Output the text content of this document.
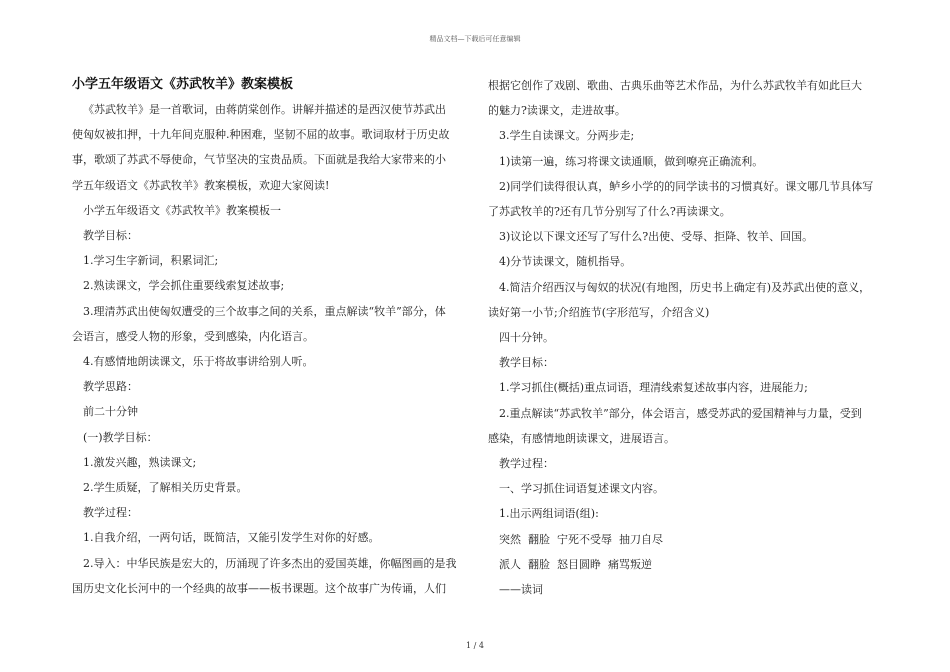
精品文档—下载后可任意编辑
小学五年级语文《苏武牧羊》教案模板

《苏武牧羊》是一首歌词，由蒋荫棠创作。讲解并描述的是西汉使节苏武出

使匈奴被扣押，十九年间克服种.种困难，坚韧不屈的故事。歌词取材于历史故

事，歌颂了苏武不辱使命，气节坚决的宝贵品质。下面就是我给大家带来的小

学五年级语文《苏武牧羊》教案模板，欢迎大家阅读!

小学五年级语文《苏武牧羊》教案模板一

教学目标：

1.学习生字新词，积累词汇;

2.熟读课文，学会抓住重要线索复述故事;

3.理清苏武出使匈奴遭受的三个故事之间的关系，重点解读“牧羊”部分，体

会语言，感受人物的形象，受到感染，内化语言。

4.有感情地朗读课文，乐于将故事讲给别人听。

教学思路：

前二十分钟

(一)教学目标：

1.激发兴趣，熟读课文;

2.学生质疑，了解相关历史背景。

教学过程：

1.自我介绍，一两句话，既简洁，又能引发学生对你的好感。

2.导入：中华民族是宏大的，历涌现了许多杰出的爱国英雄，你幅图画的是我

国历史文化长河中的一个经典的故事——板书课题。这个故事广为传诵，人们

根据它创作了戏剧、歌曲、古典乐曲等艺术作品，为什么苏武牧羊有如此巨大

的魅力?读课文，走进故事。

3.学生自读课文。分两步走;

1)读第一遍，练习将课文读通顺，做到嘹亮正确流利。

2)同学们读得很认真，鲈乡小学的的同学读书的习惯真好。课文哪几节具体写

了苏武牧羊的?还有几节分别写了什么?再读课文。

3)议论以下课文还写了写什么?出使、受辱、拒降、牧羊、回国。

4)分节读课文，随机指导。

4.简洁介绍西汉与匈奴的状况(有地图，历史书上确定有)及苏武出使的意义，

读好第一小节;介绍旌节(字形范写，介绍含义)

四十分钟。

教学目标：

1.学习抓住(概括)重点词语，理清线索复述故事内容，进展能力;

2.重点解读“苏武牧羊”部分，体会语言，感受苏武的爱国精神与力量，受到

感染，有感情地朗读课文，进展语言。

教学过程：

一、学习抓住词语复述课文内容。

1.出示两组词语(组):

突然  翻脸  宁死不受辱  抽刀自尽

派人  翻脸  怒目圆睁  痛骂叛逆

——读词

1 / 4
